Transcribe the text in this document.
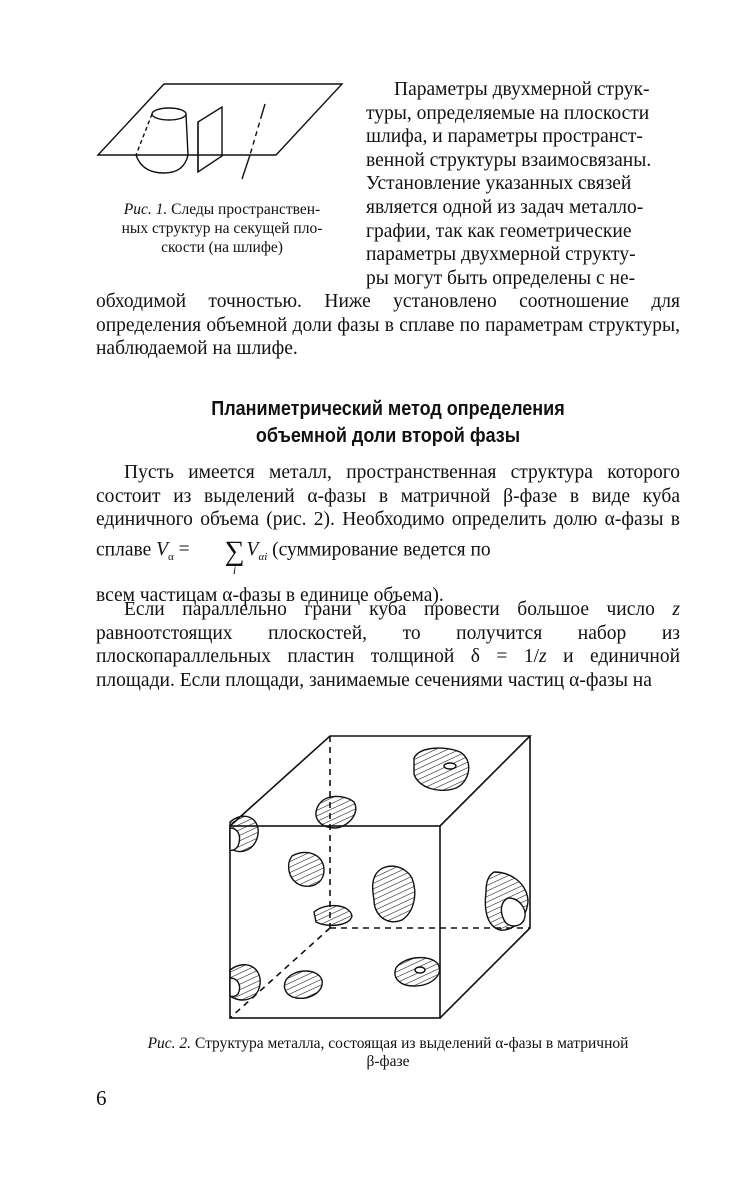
Рис. 1. Следы пространствен-
ных структур на секущей пло-
скости (на шлифе)

Параметры двухмерной струк-
туры, определяемые на плоскости
шлифа, и параметры пространст-
венной структуры взаимосвязаны.
Установление указанных связей
является одной из задач металло-
графии, так как геометрические
параметры двухмерной структу-
ры могут быть определены с не-

обходимой точностью. Ниже установлено соотношение для определения объемной доли фазы в сплаве по параметрам структуры, наблюдаемой на шлифе.

Планиметрический метод определения
объемной доли второй фазы

Пусть имеется металл, пространственная структура которого состоит из выделений α-фазы в матричной β-фазе в виде куба единичного объема (рис. 2). Необходимо определить долю α-фазы в сплаве $V_\alpha$ =	∑
i
$V_{\alpha i}$ (суммирование ведется по

всем частицам α-фазы в единице объема).

Если параллельно грани куба провести большое число z равноотстоящих плоскостей, то получится набор из плоскопараллельных пластин толщиной δ = 1/z и единичной площади. Если площади, занимаемые сечениями частиц α-фазы на

Рис. 2. Структура металла, состоящая из выделений α-фазы в матричной
β-фазе
6
